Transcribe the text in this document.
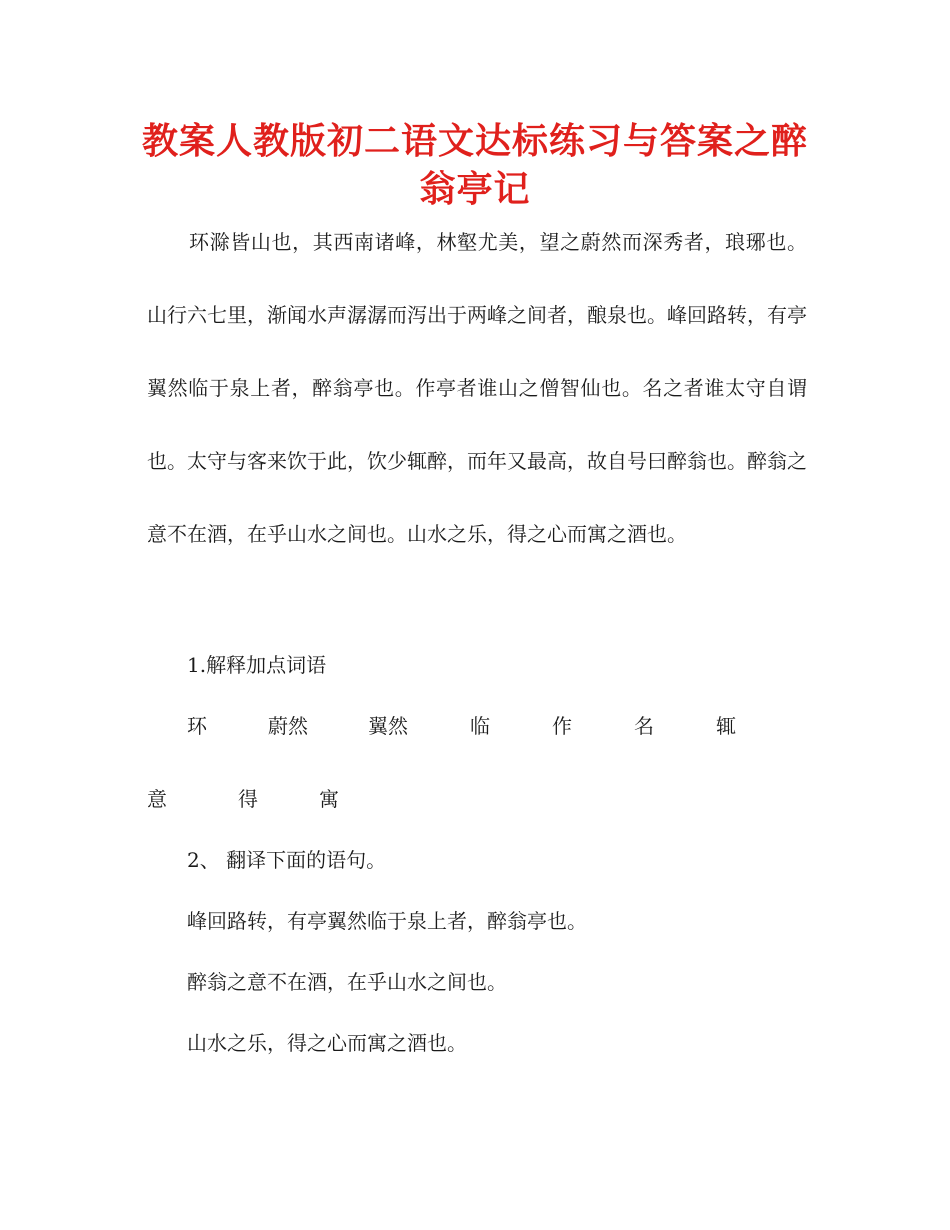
教案人教版初二语文达标练习与答案之醉翁亭记
环滁皆山也，其西南诸峰，林壑尤美，望之蔚然而深秀者，琅琊也。山行六七里，渐闻水声潺潺而泻出于两峰之间者，酿泉也。峰回路转，有亭翼然临于泉上者，醉翁亭也。作亭者谁山之僧智仙也。名之者谁太守自谓也。太守与客来饮于此，饮少辄醉，而年又最高，故自号曰醉翁也。醉翁之意不在酒，在乎山水之间也。山水之乐，得之心而寓之酒也。
1.解释加点词语
环	蔚然	翼然	临	作	名	辄
意	得	寓
2、 翻译下面的语句。
峰回路转，有亭翼然临于泉上者，醉翁亭也。
醉翁之意不在酒，在乎山水之间也。
山水之乐，得之心而寓之酒也。
